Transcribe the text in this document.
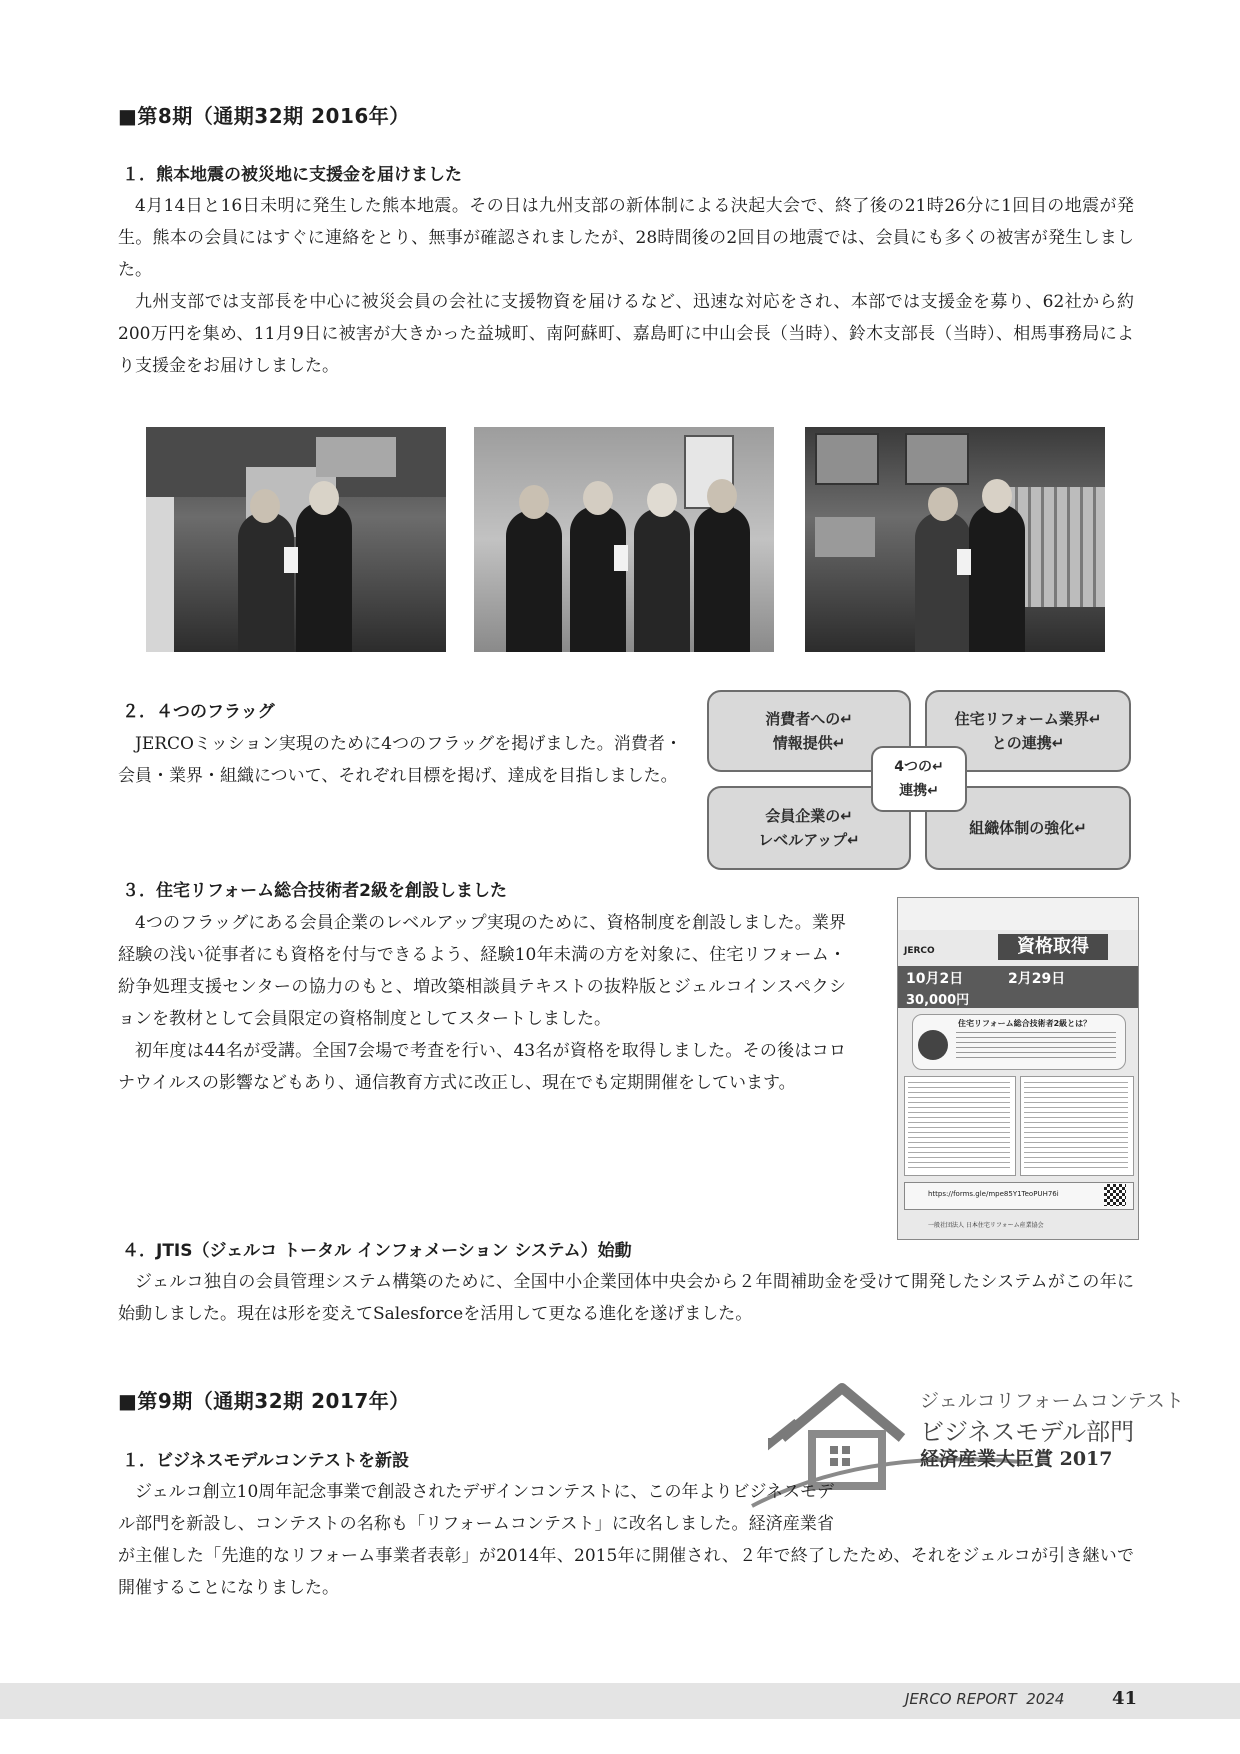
■第8期（通期32期 2016年）
１．熊本地震の被災地に支援金を届けました

4月14日と16日未明に発生した熊本地震。その日は九州支部の新体制による決起大会で、終了後の21時26分に1回目の地震が発生。熊本の会員にはすぐに連絡をとり、無事が確認されましたが、28時間後の2回目の地震では、会員にも多くの被害が発生しました。

九州支部では支部長を中心に被災会員の会社に支援物資を届けるなど、迅速な対応をされ、本部では支援金を募り、62社から約200万円を集め、11月9日に被害が大きかった益城町、南阿蘇町、嘉島町に中山会長（当時）、鈴木支部長（当時）、相馬事務局により支援金をお届けしました。

２．４つのフラッグ

JERCOミッション実現のために4つのフラッグを掲げました。消費者・会員・業界・組織について、それぞれ目標を掲げ、達成を目指しました。

消費者への↵
情報提供↵
住宅リフォーム業界↵
との連携↵
会員企業の↵
レベルアップ↵
組織体制の強化↵
4つの↵
連携↵
３．住宅リフォーム総合技術者2級を創設しました

4つのフラッグにある会員企業のレベルアップ実現のために、資格制度を創設しました。業界経験の浅い従事者にも資格を付与できるよう、経験10年未満の方を対象に、住宅リフォーム・紛争処理支援センターの協力のもと、増改築相談員テキストの抜粋版とジェルコインスペクションを教材として会員限定の資格制度としてスタートしました。

初年度は44名が受講。全国7会場で考査を行い、43名が資格を取得しました。その後はコロナウイルスの影響などもあり、通信教育方式に改正し、現在でも定期開催をしています。

JERCO	資格取得
10月2日	2月29日
30,000円
住宅リフォーム総合技術者2級とは？
https://forms.gle/mpe85Y1TeoPUH76i
一般社団法人 日本住宅リフォーム産業協会
４．JTIS（ジェルコ トータル インフォメーション システム）始動

ジェルコ独自の会員管理システム構築のために、全国中小企業団体中央会から２年間補助金を受けて開発したシステムがこの年に始動しました。現在は形を変えてSalesforceを活用して更なる進化を遂げました。

■第9期（通期32期 2017年）	ジェルコリフォームコンテスト
ビジネスモデル部門
経済産業大臣賞 2017
１．ビジネスモデルコンテストを新設

ジェルコ創立10周年記念事業で創設されたデザインコンテストに、この年よりビジネスモデル部門を新設し、コンテストの名称も「リフォームコンテスト」に改名しました。経済産業省が主催した「先進的なリフォーム事業者表彰」が2014年、2015年に開催され、２年で終了したため、それをジェルコが引き継いで開催することになりました。

JERCO REPORT  2024	41
